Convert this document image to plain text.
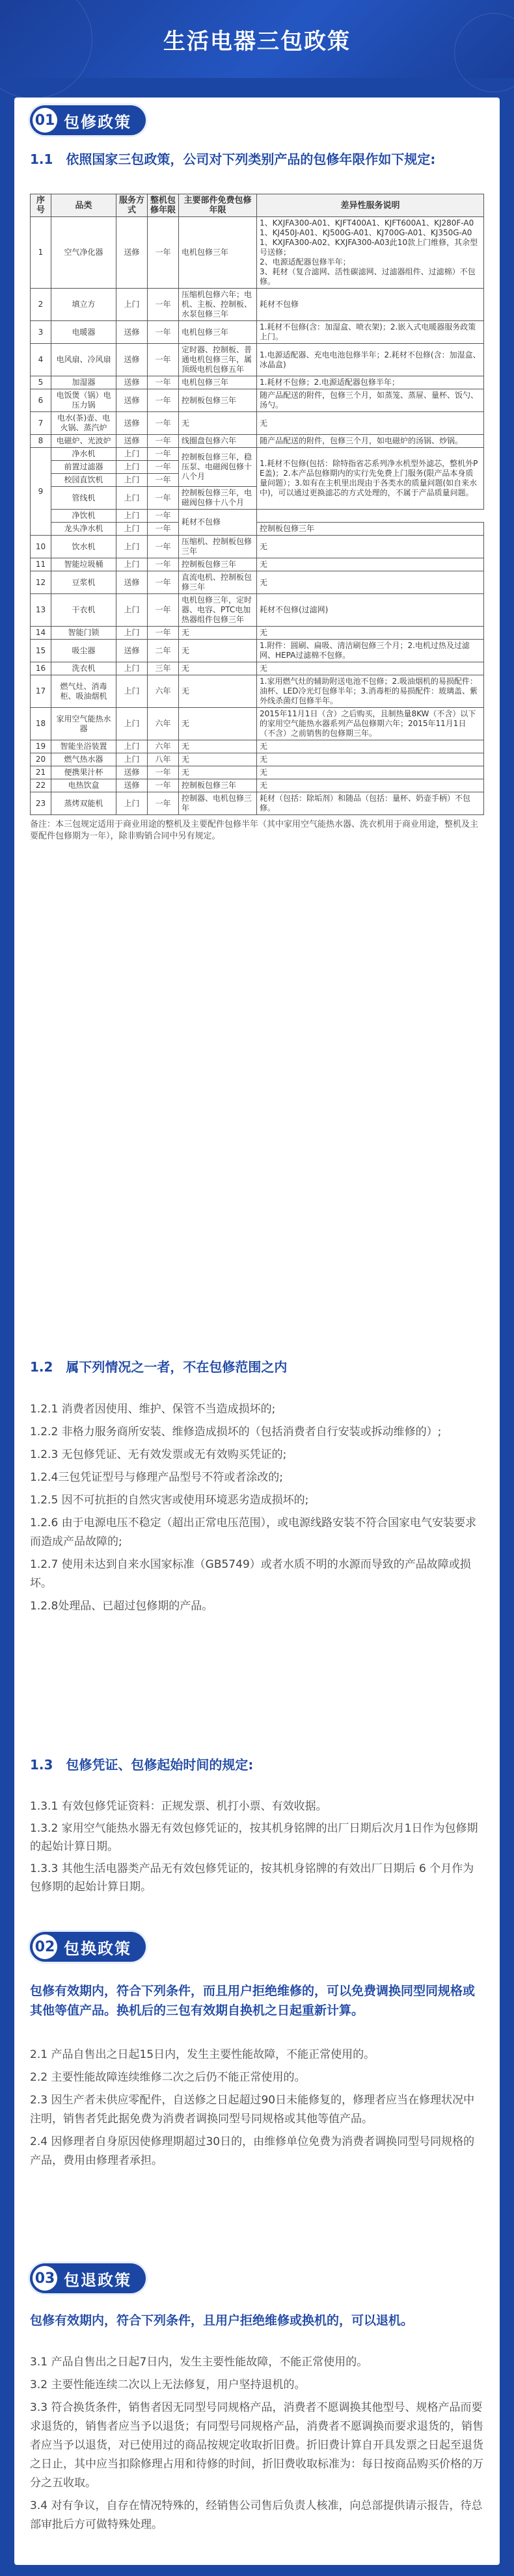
生活电器三包政策
01 包修政策
1.1　依照国家三包政策，公司对下列类别产品的包修年限作如下规定:
序号	品类	服务方式	整机包修年限	主要部件免费包修年限	差异性服务说明
1	空气净化器	送修	一年	电机包修三年	1、KXJFA300-A01、KJFT400A1、KJFT600A1、KJ280F-A01、KJ450J-A01、KJ500G-A01、KJ700G-A01、KJ350G-A01、KXJFA300-A02、KXJFA300-A03此10款上门维修，其余型号送修；
2、电源适配器包修半年；
3、耗材（复合滤网、活性碳滤网、过滤器组件、过滤棉）不包修。
2	填立方	上门	一年	压缩机包修六年；电机、主板、控制板、水泵包修三年	耗材不包修
3	电暖器	送修	一年	电机包修三年	1.耗材不包修(含：加湿盒、喷衣架)；2.嵌入式电暖器服务政策上门。
4	电风扇、冷风扇	送修	一年	定时器、控制板、普通电机包修三年，属顶级电机包修五年	1.电源适配器、充电电池包修半年；2.耗材不包修(含：加湿盒、冰晶盒)
5	加湿器	送修	一年	电机包修三年	1.耗材不包修；2.电源适配器包修半年；
6	电饭煲（锅）电压力锅	送修	一年	控制板包修三年	随产品配送的附件，包修三个月，如蒸笼、蒸屉、量杯、饭勺、汤勺。
7	电水(茶)壶、电火锅、蒸汽炉	送修	一年	无	无
8	电磁炉、光波炉	送修	一年	线圈盘包修六年	随产品配送的附件，包修三个月，如电磁炉的汤锅、炒锅。
9	净水机	上门	一年	控制板包修三年，稳压泵、电磁阀包修十八个月	1.耗材不包修(包括：除特指省芯系列净水机型外滤芯，整机外PE盖)；2.本产品包修期内的实行先免费上门服务(限产品本身质量问题）；3.如有在主机里出现由于各类水的质量问题(如自来水中)，可以通过更换滤芯的方式处理的，不属于产品质量问题。
	前置过滤器	上门	一年		
	校园直饮机	上门	一年		
	管线机	上门	一年	控制板包修三年，电磁阀包修十八个月	
	净饮机	上门	一年	耗材不包修	
	龙头净水机	上门	一年		控制板包修三年
10	饮水机	上门	一年	压缩机、控制板包修三年	无
11	智能垃圾桶	上门	一年	控制板包修三年	无
12	豆浆机	送修	一年	直流电机、控制板包修三年	无
13	干衣机	上门	一年	电机包修三年，定时器、电容、PTC电加热器组件包修三年	耗材不包修(过滤网)
14	智能门锁	上门	一年	无	无
15	吸尘器	送修	二年	无	1.附件：圆刷、扁吸、清洁刷包修三个月；2.电机过热及过滤网、HEPA过滤棉不包修。
16	洗衣机	上门	三年	无	无
17	燃气灶、消毒柜、吸油烟机	上门	六年	无	1.家用燃气灶的辅助附送电池不包修；2.吸油烟机的易损配件：油杯、LED冷光灯包修半年；3.消毒柜的易损配件：玻璃盖、紫外线杀菌灯包修半年。
18	家用空气能热水器	上门	六年	无	2015年11月1日（含）之后购买，且制热量8KW（不含）以下的家用空气能热水器系列产品包修期六年；2015年11月1日（不含）之前销售的包修期三年。
19	智能坐浴装置	上门	六年	无	无
20	燃气热水器	上门	八年	无	无
21	便携果汁杯	送修	一年	无	无
22	电热饮盒	送修	一年	控制板包修三年	无
23	蒸烤双能机	上门	一年	控制器、电机包修三年	耗材（包括：除垢剂）和随品（包括：量杯、奶壶手柄）不包修。
备注：本三包规定适用于商业用途的整机及主要配件包修半年（其中家用空气能热水器、洗衣机用于商业用途，整机及主要配件包修期为一年），除非购销合同中另有规定。
1.2　属下列情况之一者，不在包修范围之内
1.2.1 消费者因使用、维护、保管不当造成损坏的;
1.2.2 非格力服务商所安装、维修造成损坏的（包括消费者自行安装或拆动维修的）;
1.2.3 无包修凭证、无有效发票或无有效购买凭证的;
1.2.4三包凭证型号与修理产品型号不符或者涂改的;
1.2.5 因不可抗拒的自然灾害或使用环境恶劣造成损坏的;
1.2.6 由于电源电压不稳定（超出正常电压范围），或电源线路安装不符合国家电气安装要求而造成产品故障的;
1.2.7 使用未达到自来水国家标准（GB5749）或者水质不明的水源而导致的产品故障或损坏。
1.2.8处理品、已超过包修期的产品。
1.3　包修凭证、包修起始时间的规定:
1.3.1 有效包修凭证资料：正规发票、机打小票、有效收据。
1.3.2 家用空气能热水器无有效包修凭证的，按其机身铭牌的出厂日期后次月1日作为包修期的起始计算日期。
1.3.3 其他生活电器类产品无有效包修凭证的，按其机身铭牌的有效出厂日期后 6 个月作为包修期的起始计算日期。
02 包换政策
包修有效期内，符合下列条件，而且用户拒绝维修的，可以免费调换同型同规格或其他等值产品。换机后的三包有效期自换机之日起重新计算。
2.1 产品自售出之日起15日内，发生主要性能故障，不能正常使用的。
2.2 主要性能故障连续维修二次之后仍不能正常使用的。
2.3 因生产者未供应零配件，自送修之日起超过90日未能修复的，修理者应当在修理状况中注明，销售者凭此据免费为消费者调换同型号同规格或其他等值产品。
2.4 因修理者自身原因使修理期超过30日的，由维修单位免费为消费者调换同型号同规格的产品，费用由修理者承担。
03 包退政策
包修有效期内，符合下列条件，且用户拒绝维修或换机的，可以退机。
3.1 产品自售出之日起7日内，发生主要性能故障，不能正常使用的。
3.2 主要性能连续二次以上无法修复，用户坚持退机的。
3.3 符合换货条件，销售者因无同型号同规格产品，消费者不愿调换其他型号、规格产品而要求退货的，销售者应当予以退货；有同型号同规格产品，消费者不愿调换而要求退货的，销售者应当予以退货，对已使用过的商品按规定收取折旧费。折旧费计算自开具发票之日起至退货之日止，其中应当扣除修理占用和待修的时间，折旧费收取标准为：每日按商品购买价格的万分之五收取。
3.4 对有争议，自存在情况特殊的，经销售公司售后负责人核准，向总部提供请示报告，待总部审批后方可做特殊处理。
